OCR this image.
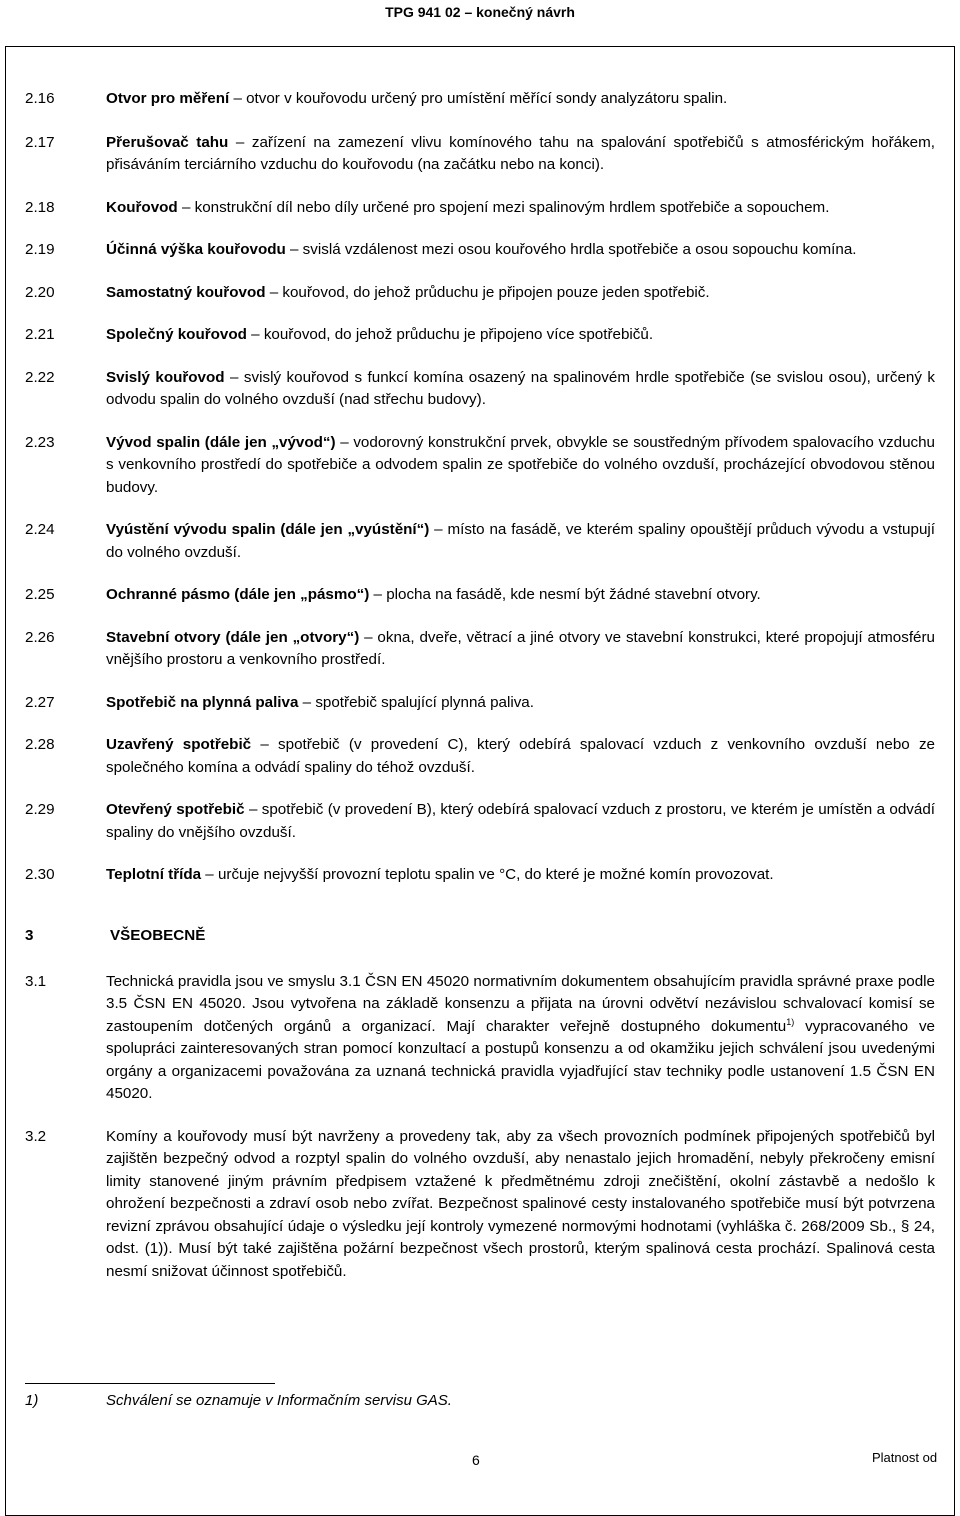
TPG 941 02 – konečný návrh
2.16	Otvor pro měření – otvor v kouřovodu určený pro umístění měřící sondy analyzátoru spalin.
2.17	Přerušovač tahu – zařízení na zamezení vlivu komínového tahu na spalování spotřebičů s atmosférickým hořákem, přisáváním terciárního vzduchu do kouřovodu (na začátku nebo na konci).
2.18	Kouřovod – konstrukční díl nebo díly určené pro spojení mezi spalinovým hrdlem spotřebiče a sopouchem.
2.19	Účinná výška kouřovodu – svislá vzdálenost mezi osou kouřového hrdla spotřebiče a osou sopouchu komína.
2.20	Samostatný kouřovod – kouřovod, do jehož průduchu je připojen pouze jeden spotřebič.
2.21	Společný kouřovod – kouřovod, do jehož průduchu je připojeno více spotřebičů.
2.22	Svislý kouřovod – svislý kouřovod s funkcí komína osazený na spalinovém hrdle spotřebiče (se svislou osou), určený k odvodu spalin do volného ovzduší (nad střechu budovy).
2.23	Vývod spalin (dále jen „vývod“) – vodorovný konstrukční prvek, obvykle se soustředným přívodem spalovacího vzduchu s venkovního prostředí do spotřebiče a odvodem spalin ze spotřebiče do volného ovzduší, procházející obvodovou stěnou budovy.
2.24	Vyústění vývodu spalin (dále jen „vyústění“) – místo na fasádě, ve kterém spaliny opouštějí průduch vývodu a vstupují do volného ovzduší.
2.25	Ochranné pásmo (dále jen „pásmo“) – plocha na fasádě, kde nesmí být žádné stavební otvory.
2.26	Stavební otvory (dále jen „otvory“) – okna, dveře, větrací a jiné otvory ve stavební konstrukci, které propojují atmosféru vnějšího prostoru a venkovního prostředí.
2.27	Spotřebič na plynná paliva – spotřebič spalující plynná paliva.
2.28	Uzavřený spotřebič – spotřebič (v provedení C), který odebírá spalovací vzduch z venkovního ovzduší nebo ze společného komína a odvádí spaliny do téhož ovzduší.
2.29	Otevřený spotřebič – spotřebič (v provedení B), který odebírá spalovací vzduch z prostoru, ve kterém je umístěn a odvádí spaliny do vnějšího ovzduší.
2.30	Teplotní třída – určuje nejvyšší provozní teplotu spalin ve °C, do které je možné komín provozovat.
3	VŠEOBECNĚ
3.1	Technická pravidla jsou ve smyslu 3.1 ČSN EN 45020 normativním dokumentem obsahujícím pravidla správné praxe podle 3.5 ČSN EN 45020. Jsou vytvořena na základě konsenzu a přijata na úrovni odvětví nezávislou schvalovací komisí se zastoupením dotčených orgánů a organizací. Mají charakter veřejně dostupného dokumentu$^{1)}$ vypracovaného ve spolupráci zainteresovaných stran pomocí konzultací a postupů konsenzu a od okamžiku jejich schválení jsou uvedenými orgány a organizacemi považována za uznaná technická pravidla vyjadřující stav techniky podle ustanovení 1.5 ČSN EN 45020.
3.2	Komíny a kouřovody musí být navrženy a provedeny tak, aby za všech provozních podmínek připojených spotřebičů byl zajištěn bezpečný odvod a rozptyl spalin do volného ovzduší, aby nenastalo jejich hromadění, nebyly překročeny emisní limity stanovené jiným právním předpisem vztažené k předmětnému zdroji znečištění, okolní zástavbě a nedošlo k ohrožení bezpečnosti a zdraví osob nebo zvířat. Bezpečnost spalinové cesty instalovaného spotřebiče musí být potvrzena revizní zprávou obsahující údaje o výsledku její kontroly vymezené normovými hodnotami (vyhláška č. 268/2009 Sb., § 24, odst. (1)). Musí být také zajištěna požární bezpečnost všech prostorů, kterým spalinová cesta prochází. Spalinová cesta nesmí snižovat účinnost spotřebičů.
1)	Schválení se oznamuje v Informačním servisu GAS.
6	Platnost od
